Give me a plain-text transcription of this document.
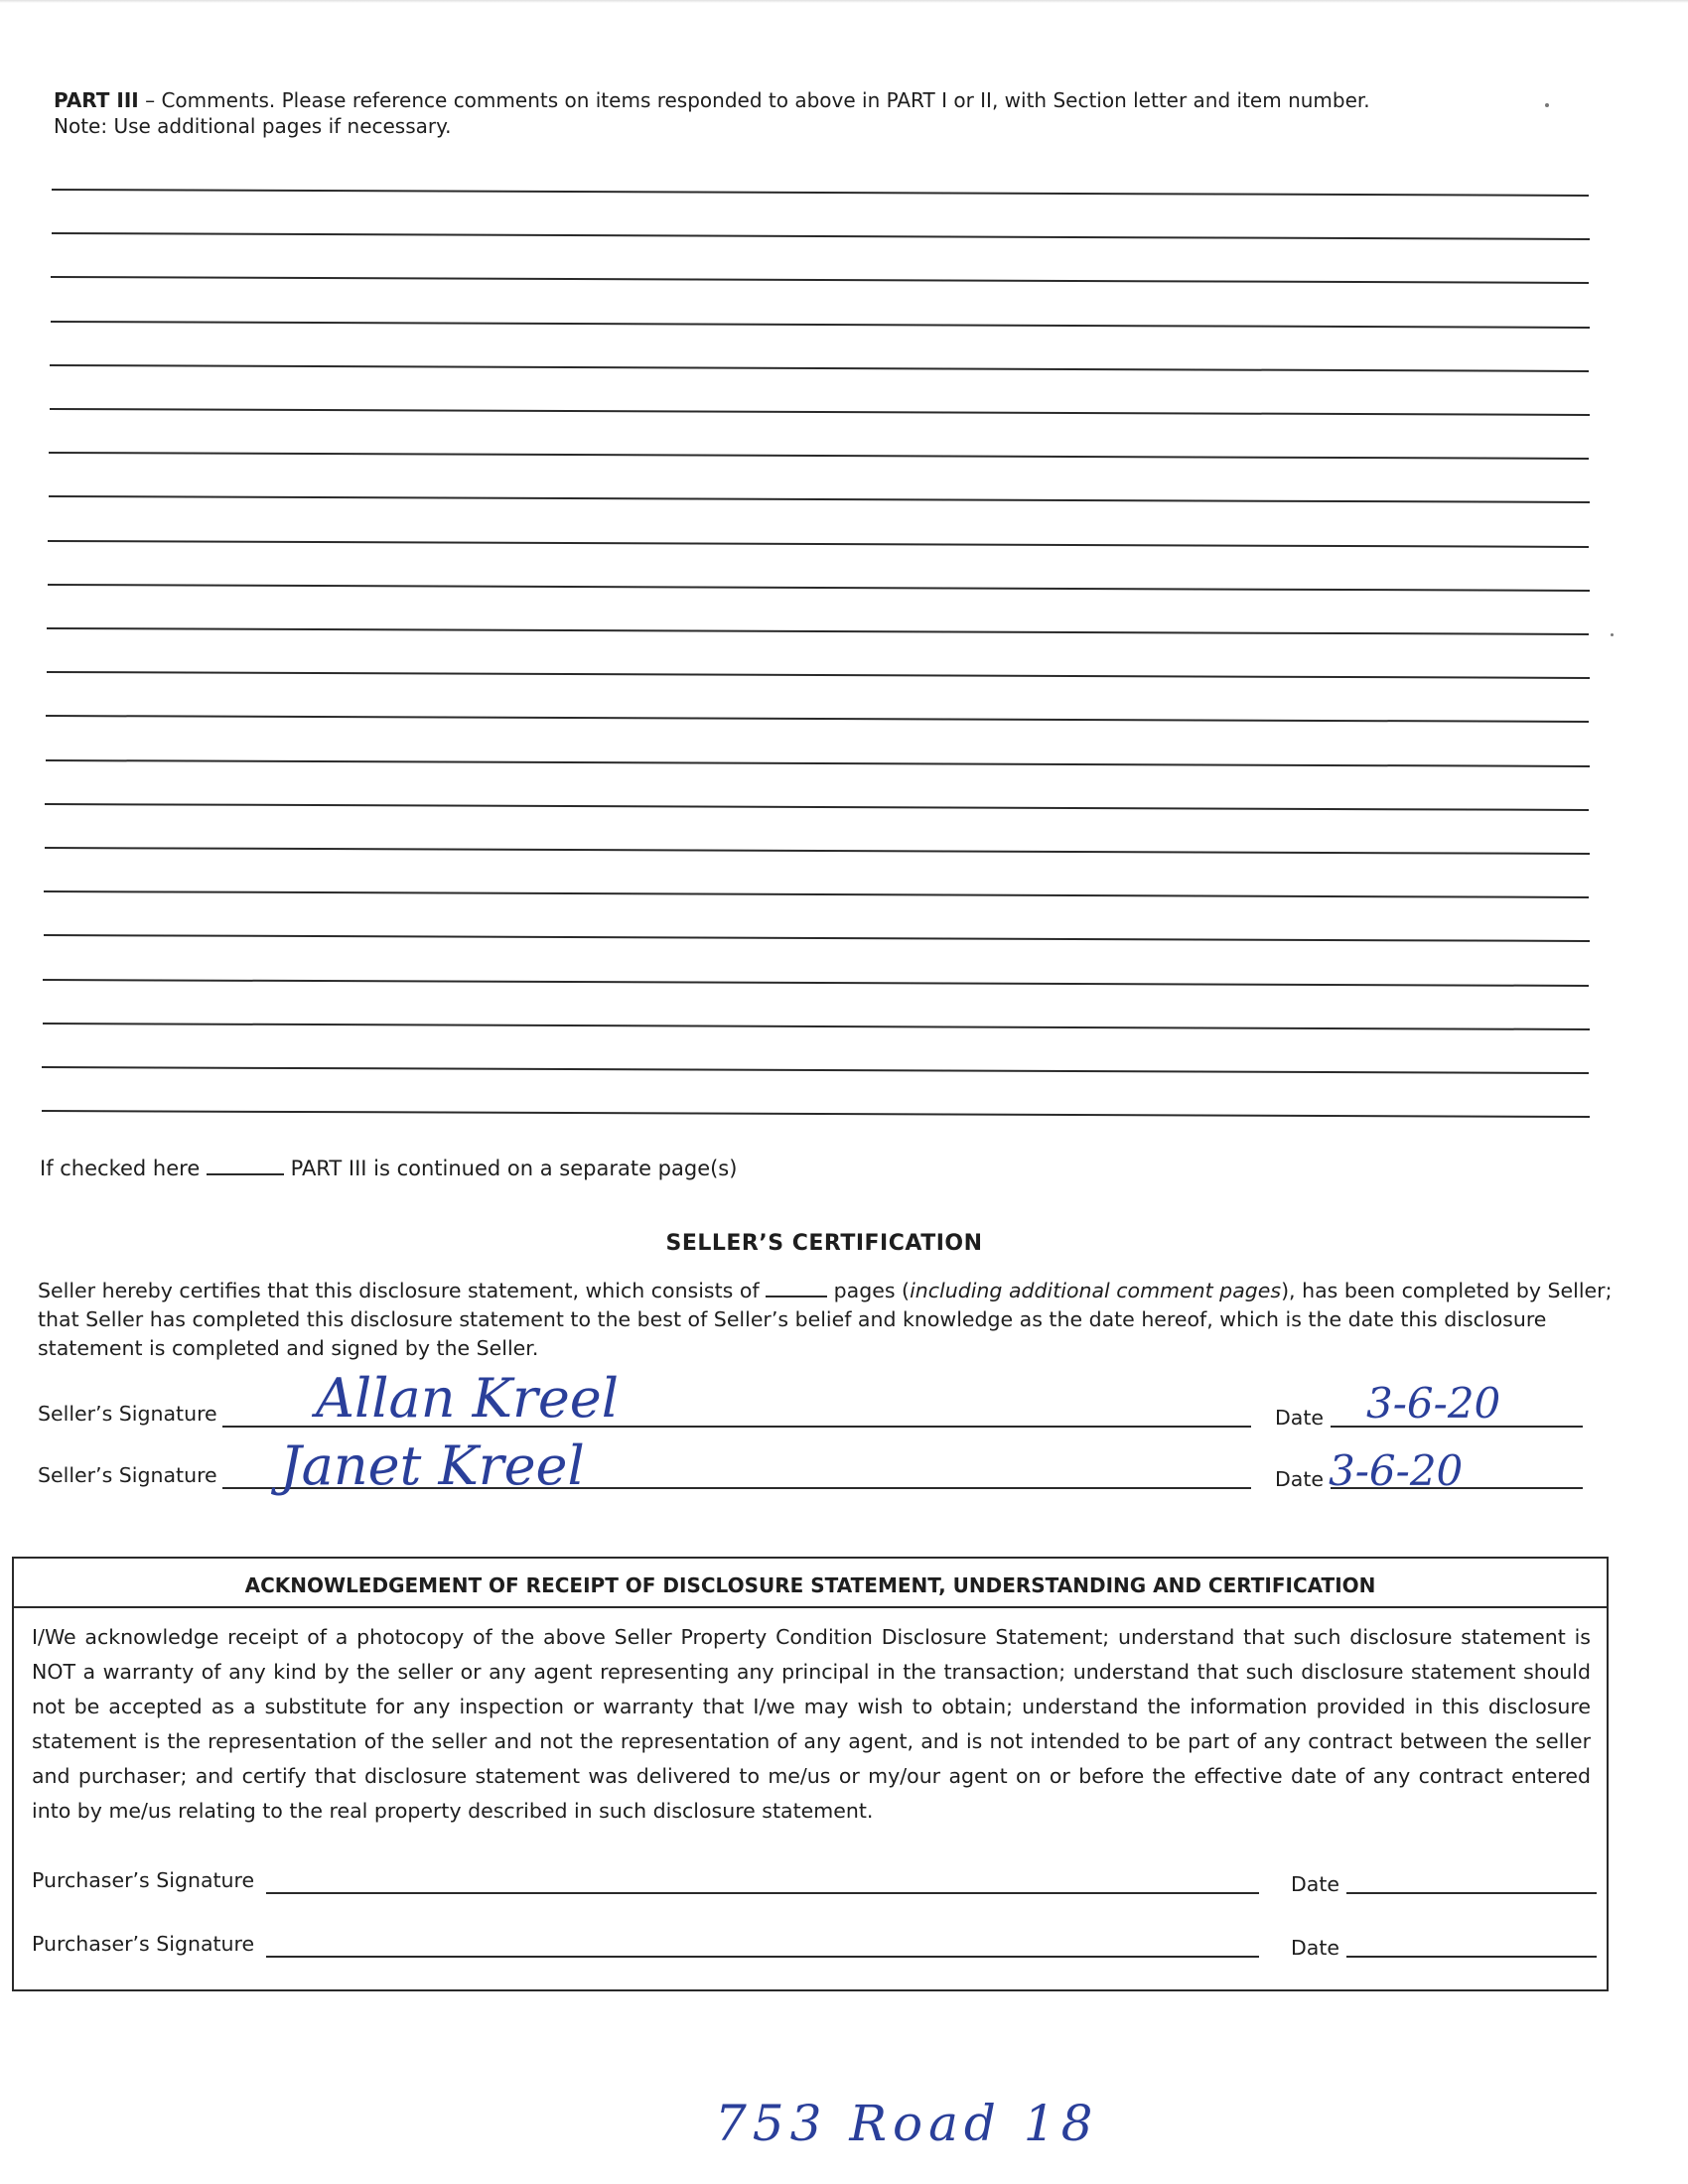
PART III – Comments. Please reference comments on items responded to above in PART I or II, with Section letter and item number.
Note: Use additional pages if necessary.
If checked here	PART III is continued on a separate page(s)
SELLER’S CERTIFICATION
Seller hereby certifies that this disclosure statement, which consists of	pages (including additional comment pages), has been completed by Seller; that Seller has completed this disclosure statement to the best of Seller’s belief and knowledge as the date hereof, which is the date this disclosure statement is completed and signed by the Seller.
Seller’s Signature Allan Kreel	Date 3-6-20
Seller’s Signature Janet Kreel	Date 3-6-20
ACKNOWLEDGEMENT OF RECEIPT OF DISCLOSURE STATEMENT, UNDERSTANDING AND CERTIFICATION
I/We acknowledge receipt of a photocopy of the above Seller Property Condition Disclosure Statement; understand that such disclosure statement is NOT a warranty of any kind by the seller or any agent representing any principal in the transaction; understand that such disclosure statement should not be accepted as a substitute for any inspection or warranty that I/we may wish to obtain; understand the information provided in this disclosure statement is the representation of the seller and not the representation of any agent, and is not intended to be part of any contract between the seller and purchaser; and certify that disclosure statement was delivered to me/us or my/our agent on or before the effective date of any contract entered into by me/us relating to the real property described in such disclosure statement.
Purchaser’s Signature	Date
Purchaser’s Signature	Date
753 Road 18
